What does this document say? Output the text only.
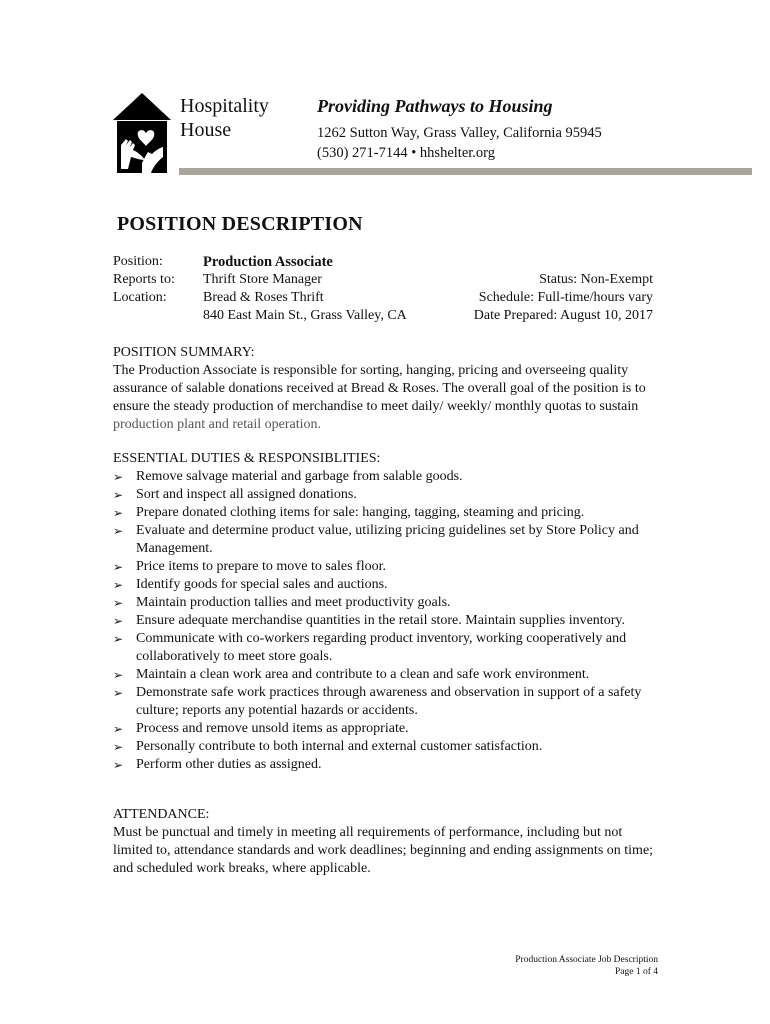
Hospitality
House
Providing Pathways to Housing
1262 Sutton Way, Grass Valley, California 95945
(530) 271-7144 • hhshelter.org
POSITION DESCRIPTION
Position:	Production Associate
Reports to:	Thrift Store Manager	Status: Non-Exempt
Location:	Bread & Roses Thrift	Schedule: Full-time/hours vary
840 East Main St., Grass Valley, CA	Date Prepared: August 10, 2017
POSITION SUMMARY:
The Production Associate is responsible for sorting, hanging, pricing and overseeing quality assurance of salable donations received at Bread & Roses. The overall goal of the position is to ensure the steady production of merchandise to meet daily/ weekly/ monthly quotas to sustain production plant and retail operation.
ESSENTIAL DUTIES & RESPONSIBLITIES:
➢ Remove salvage material and garbage from salable goods.
➢ Sort and inspect all assigned donations.
➢ Prepare donated clothing items for sale: hanging, tagging, steaming and pricing.
➢ Evaluate and determine product value, utilizing pricing guidelines set by Store Policy and Management.
➢ Price items to prepare to move to sales floor.
➢ Identify goods for special sales and auctions.
➢ Maintain production tallies and meet productivity goals.
➢ Ensure adequate merchandise quantities in the retail store. Maintain supplies inventory.
➢ Communicate with co-workers regarding product inventory, working cooperatively and collaboratively to meet store goals.
➢ Maintain a clean work area and contribute to a clean and safe work environment.
➢ Demonstrate safe work practices through awareness and observation in support of a safety culture; reports any potential hazards or accidents.
➢ Process and remove unsold items as appropriate.
➢ Personally contribute to both internal and external customer satisfaction.
➢ Perform other duties as assigned.
ATTENDANCE:
Must be punctual and timely in meeting all requirements of performance, including but not limited to, attendance standards and work deadlines; beginning and ending assignments on time; and scheduled work breaks, where applicable.
Production Associate Job Description
Page 1 of 4
